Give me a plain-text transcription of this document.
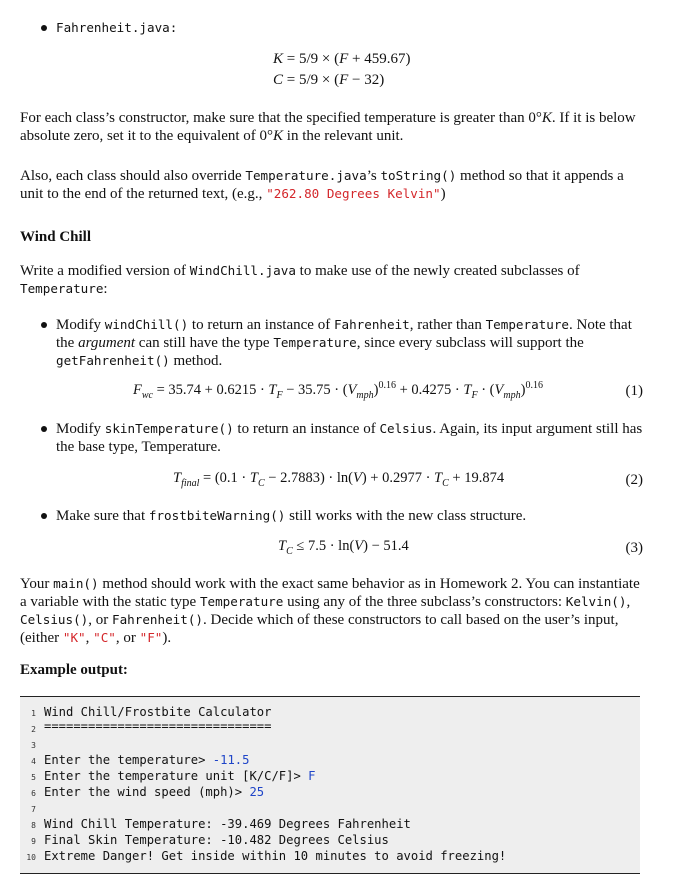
Fahrenheit.java:
K = 5/9 × (F + 459.67)
C = 5/9 × (F − 32)
For each class’s constructor, make sure that the specified temperature is greater than 0°K. If it is below absolute zero, set it to the equivalent of 0°K in the relevant unit.
Also, each class should also override Temperature.java’s toString() method so that it appends a unit to the end of the returned text, (e.g., "262.80 Degrees Kelvin")
Wind Chill
Write a modified version of WindChill.java to make use of the newly created subclasses of Temperature:
Modify windChill() to return an instance of Fahrenheit, rather than Temperature. Note that the argument can still have the type Temperature, since every subclass will support the getFahrenheit() method.
$F_{wc} = 35.74 + 0.6215 \cdot T_F - 35.75 \cdot (V_{mph})^{0.16} + 0.4275 \cdot T_F \cdot (V_{mph})^{0.16}$	(1)
Modify skinTemperature() to return an instance of Celsius. Again, its input argument still has the base type, Temperature.
$T_{final} = (0.1 \cdot T_C - 2.7883) \cdot \ln(V) + 0.2977 \cdot T_C + 19.874$	(2)
Make sure that frostbiteWarning() still works with the new class structure.
$T_C \le 7.5 \cdot \ln(V) - 51.4$	(3)
Your main() method should work with the exact same behavior as in Homework 2. You can instantiate a variable with the static type Temperature using any of the three subclass’s constructors: Kelvin(), Celsius(), or Fahrenheit(). Decide which of these constructors to call based on the user’s input, (either "K", "C", or "F").
Example output:
1
2
3
4
5
6
7
8
9
10
Wind Chill/Frostbite Calculator
===============================
Enter the temperature> -11.5
Enter the temperature unit [K/C/F]> F
Enter the wind speed (mph)> 25
Wind Chill Temperature: -39.469 Degrees Fahrenheit
Final Skin Temperature: -10.482 Degrees Celsius
Extreme Danger! Get inside within 10 minutes to avoid freezing!
